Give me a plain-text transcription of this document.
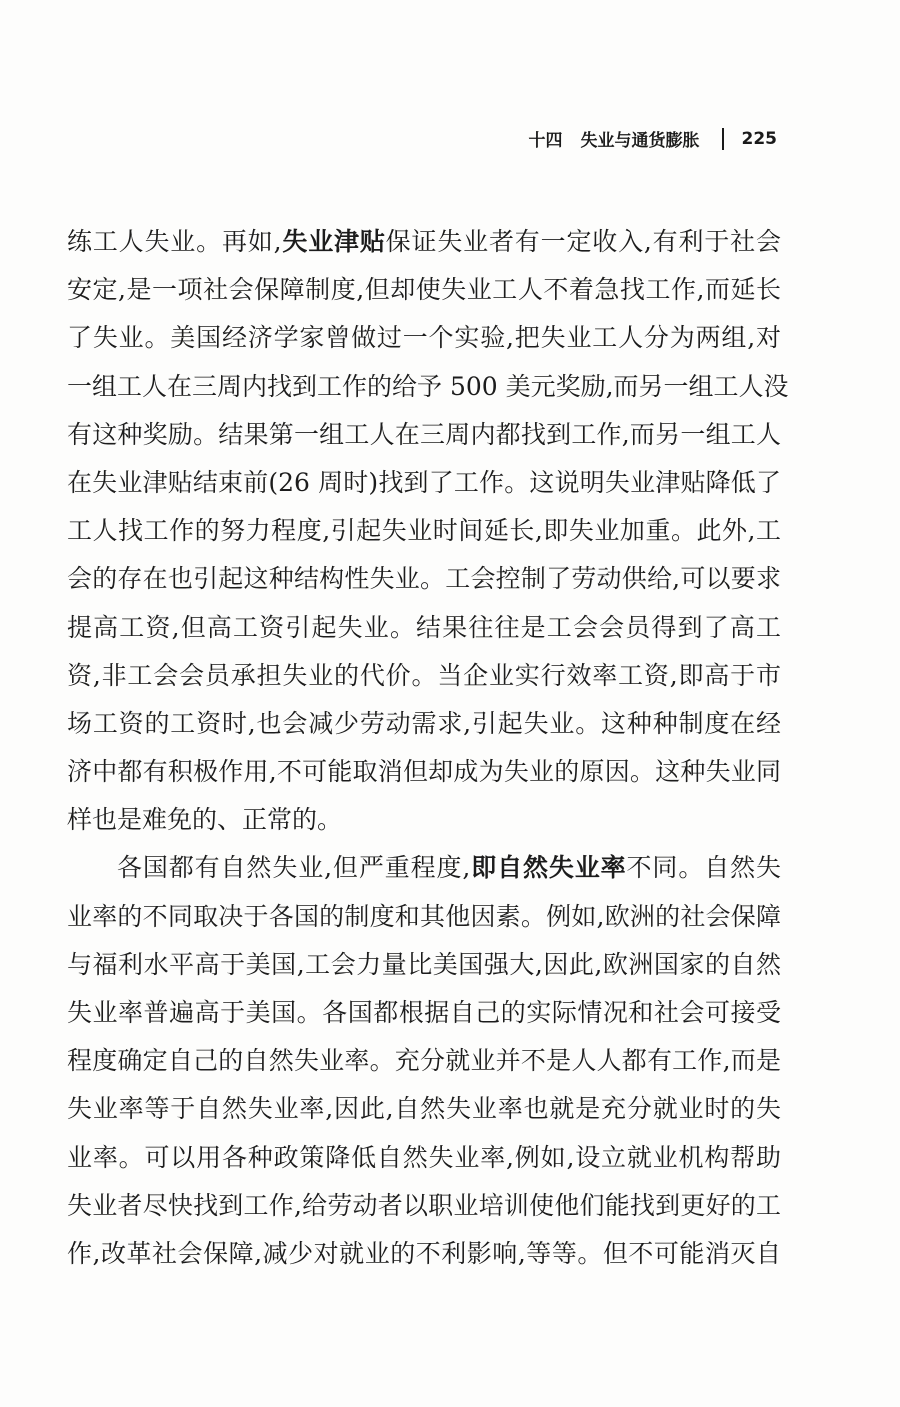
十四 失业与通货膨胀 225
练工人失业。再如,失业津贴保证失业者有一定收入,有利于社会
安定,是一项社会保障制度,但却使失业工人不着急找工作,而延长
了失业。美国经济学家曾做过一个实验,把失业工人分为两组,对
一组工人在三周内找到工作的给予 500 美元奖励,而另一组工人没
有这种奖励。结果第一组工人在三周内都找到工作,而另一组工人
在失业津贴结束前(26 周时)找到了工作。这说明失业津贴降低了
工人找工作的努力程度,引起失业时间延长,即失业加重。此外,工
会的存在也引起这种结构性失业。工会控制了劳动供给,可以要求
提高工资,但高工资引起失业。结果往往是工会会员得到了高工
资,非工会会员承担失业的代价。当企业实行效率工资,即高于市
场工资的工资时,也会减少劳动需求,引起失业。这种种制度在经
济中都有积极作用,不可能取消但却成为失业的原因。这种失业同
样也是难免的、正常的。
各国都有自然失业,但严重程度,即自然失业率不同。自然失
业率的不同取决于各国的制度和其他因素。例如,欧洲的社会保障
与福利水平高于美国,工会力量比美国强大,因此,欧洲国家的自然
失业率普遍高于美国。各国都根据自己的实际情况和社会可接受
程度确定自己的自然失业率。充分就业并不是人人都有工作,而是
失业率等于自然失业率,因此,自然失业率也就是充分就业时的失
业率。可以用各种政策降低自然失业率,例如,设立就业机构帮助
失业者尽快找到工作,给劳动者以职业培训使他们能找到更好的工
作,改革社会保障,减少对就业的不利影响,等等。但不可能消灭自
